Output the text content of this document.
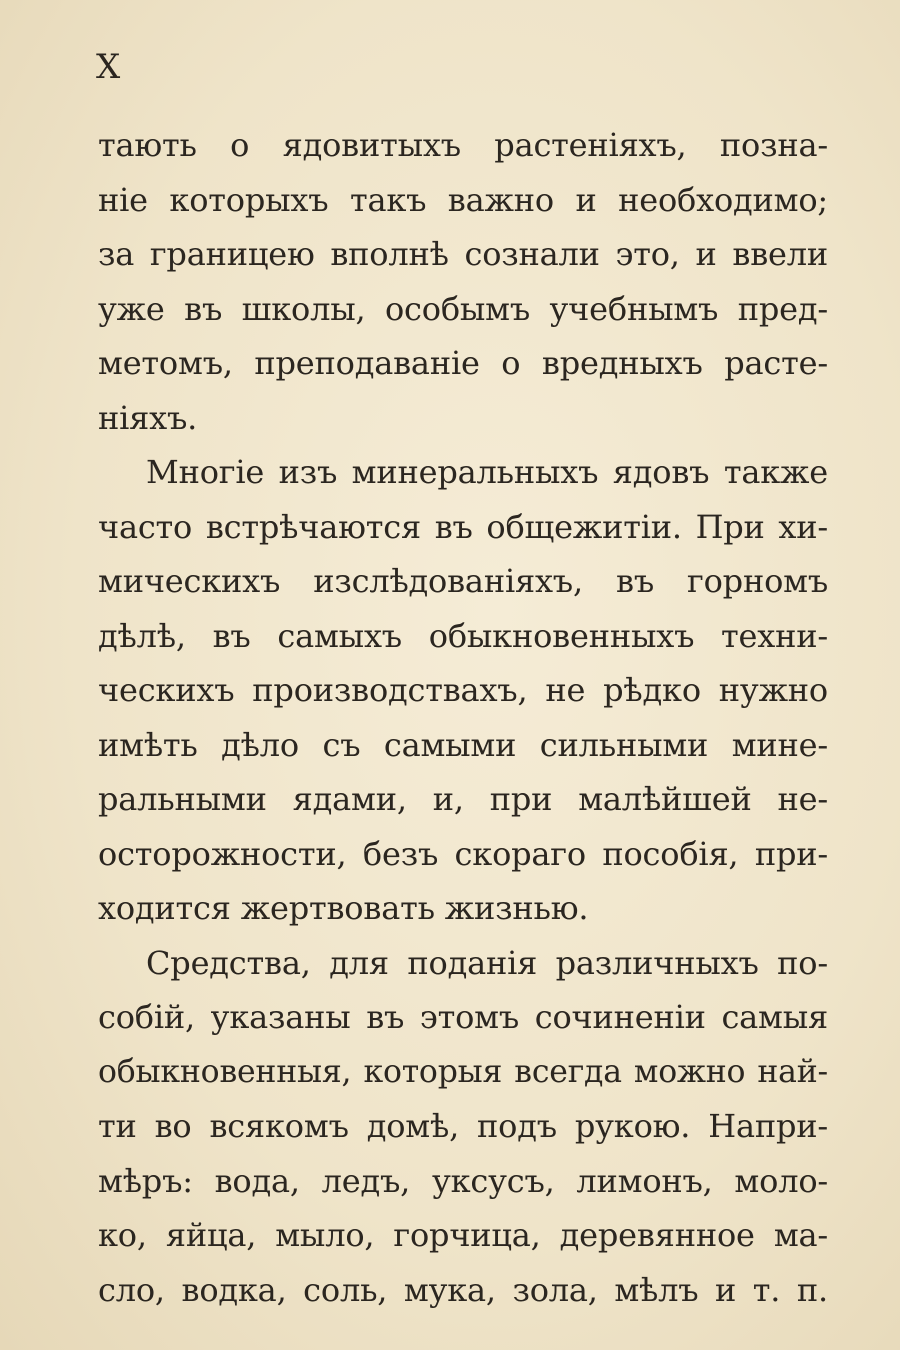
X
тають о ядовитыхъ растеніяхъ, позна-
ніе которыхъ такъ важно и необходимо;
за границею вполнѣ сознали это, и ввели
уже въ школы, особымъ учебнымъ пред-
метомъ, преподаваніе о вредныхъ расте-
ніяхъ.
Многіе изъ минеральныхъ ядовъ также
часто встрѣчаются въ общежитіи. При хи-
мическихъ изслѣдованіяхъ, въ горномъ
дѣлѣ, въ самыхъ обыкновенныхъ техни-
ческихъ производствахъ, не рѣдко нужно
имѣть дѣло съ самыми сильными мине-
ральными ядами, и, при малѣйшей не-
осторожности, безъ скораго пособія, при-
ходится жертвовать жизнью.
Средства, для поданія различныхъ по-
собій, указаны въ этомъ сочиненіи самыя
обыкновенныя, которыя всегда можно най-
ти во всякомъ домѣ, подъ рукою. Напри-
мѣръ: вода, ледъ, уксусъ, лимонъ, моло-
ко, яйца, мыло, горчица, деревянное ма-
сло, водка, соль, мука, зола, мѣлъ и т. п.
